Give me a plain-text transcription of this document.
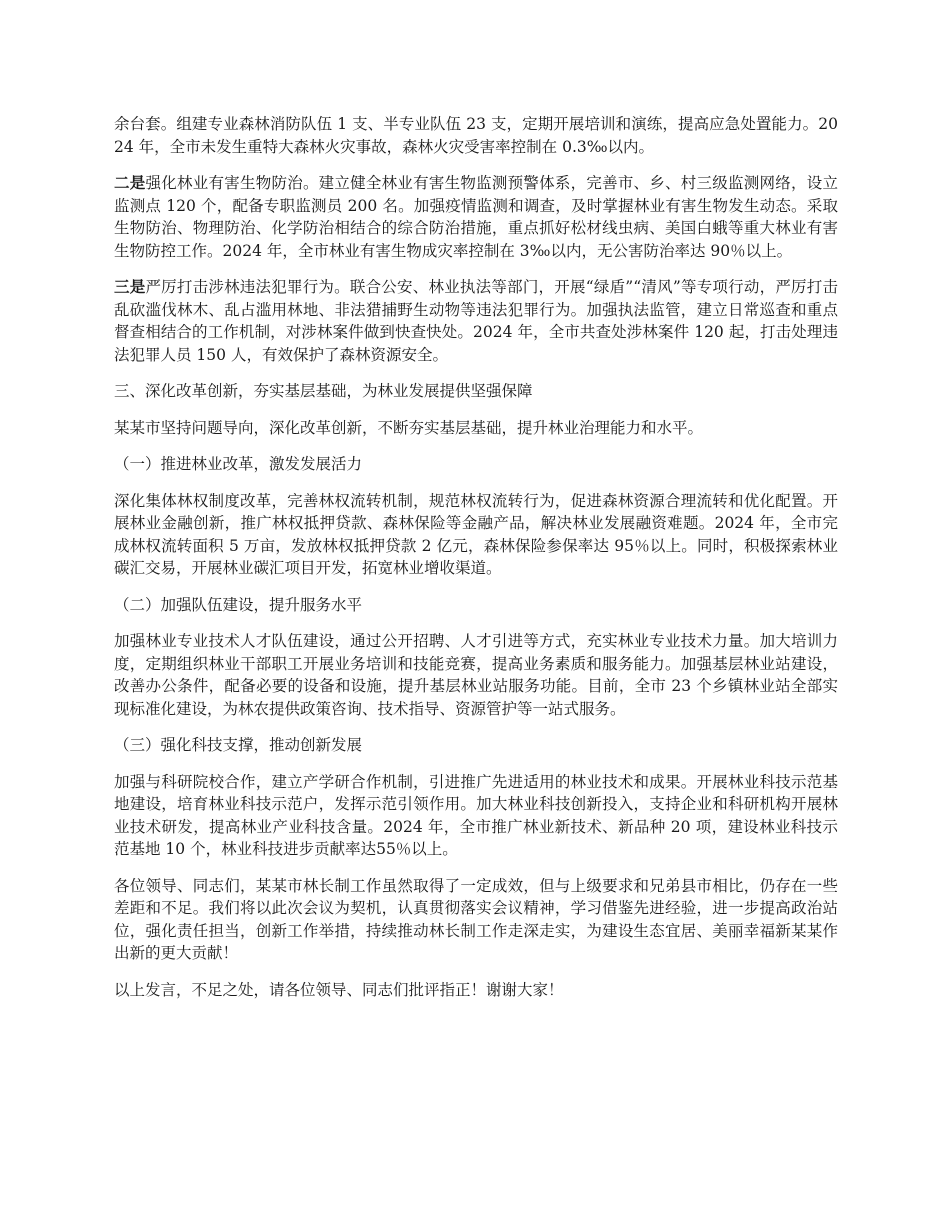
余台套。组建专业森林消防队伍 1 支、半专业队伍 23 支，定期开展培训和演练，提高应急处置能力。2024 年，全市未发生重特大森林火灾事故，森林火灾受害率控制在 0.3‰以内。

二是强化林业有害生物防治。建立健全林业有害生物监测预警体系，完善市、乡、村三级监测网络，设立监测点 120 个，配备专职监测员 200 名。加强疫情监测和调查，及时掌握林业有害生物发生动态。采取生物防治、物理防治、化学防治相结合的综合防治措施，重点抓好松材线虫病、美国白蛾等重大林业有害生物防控工作。2024 年，全市林业有害生物成灾率控制在 3‰以内，无公害防治率达 90％以上。

三是严厉打击涉林违法犯罪行为。联合公安、林业执法等部门，开展“绿盾”“清风”等专项行动，严厉打击乱砍滥伐林木、乱占滥用林地、非法猎捕野生动物等违法犯罪行为。加强执法监管，建立日常巡查和重点督查相结合的工作机制，对涉林案件做到快查快处。2024 年，全市共查处涉林案件 120 起，打击处理违法犯罪人员 150 人，有效保护了森林资源安全。

三、深化改革创新，夯实基层基础，为林业发展提供坚强保障

某某市坚持问题导向，深化改革创新，不断夯实基层基础，提升林业治理能力和水平。

（一）推进林业改革，激发发展活力

深化集体林权制度改革，完善林权流转机制，规范林权流转行为，促进森林资源合理流转和优化配置。开展林业金融创新，推广林权抵押贷款、森林保险等金融产品，解决林业发展融资难题。2024 年，全市完成林权流转面积 5 万亩，发放林权抵押贷款 2 亿元，森林保险参保率达 95％以上。同时，积极探索林业碳汇交易，开展林业碳汇项目开发，拓宽林业增收渠道。

（二）加强队伍建设，提升服务水平

加强林业专业技术人才队伍建设，通过公开招聘、人才引进等方式，充实林业专业技术力量。加大培训力度，定期组织林业干部职工开展业务培训和技能竞赛，提高业务素质和服务能力。加强基层林业站建设，改善办公条件，配备必要的设备和设施，提升基层林业站服务功能。目前，全市 23 个乡镇林业站全部实现标准化建设，为林农提供政策咨询、技术指导、资源管护等一站式服务。

（三）强化科技支撑，推动创新发展

加强与科研院校合作，建立产学研合作机制，引进推广先进适用的林业技术和成果。开展林业科技示范基地建设，培育林业科技示范户，发挥示范引领作用。加大林业科技创新投入，支持企业和科研机构开展林业技术研发，提高林业产业科技含量。2024 年，全市推广林业新技术、新品种 20 项，建设林业科技示范基地 10 个，林业科技进步贡献率达55％以上。

各位领导、同志们，某某市林长制工作虽然取得了一定成效，但与上级要求和兄弟县市相比，仍存在一些差距和不足。我们将以此次会议为契机，认真贯彻落实会议精神，学习借鉴先进经验，进一步提高政治站位，强化责任担当，创新工作举措，持续推动林长制工作走深走实，为建设生态宜居、美丽幸福新某某作出新的更大贡献！

以上发言，不足之处，请各位领导、同志们批评指正！谢谢大家！
